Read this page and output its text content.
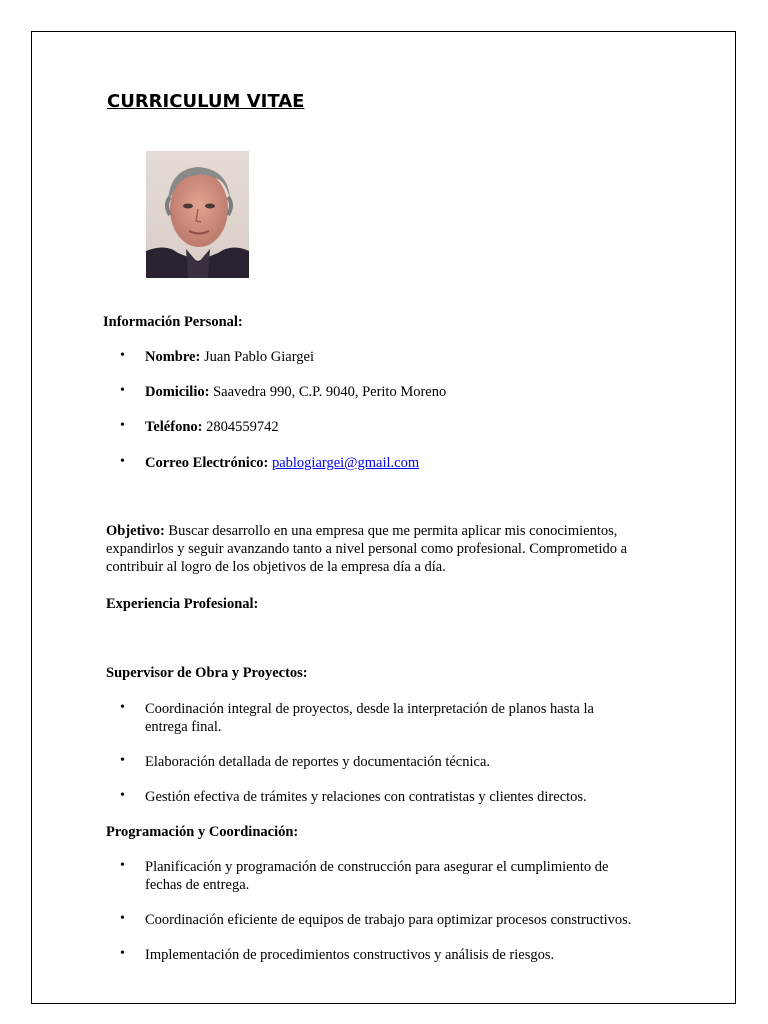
CURRICULUM VITAE
Información Personal:
• Nombre: Juan Pablo Giargei
• Domicilio: Saavedra 990, C.P. 9040, Perito Moreno
• Teléfono: 2804559742
• Correo Electrónico: pablogiargei@gmail.com
Objetivo: Buscar desarrollo en una empresa que me permita aplicar mis conocimientos,
expandirlos y seguir avanzando tanto a nivel personal como profesional. Comprometido a
contribuir al logro de los objetivos de la empresa día a día.
Experiencia Profesional:
Supervisor de Obra y Proyectos:
• Coordinación integral de proyectos, desde la interpretación de planos hasta la
entrega final.
• Elaboración detallada de reportes y documentación técnica.
• Gestión efectiva de trámites y relaciones con contratistas y clientes directos.
Programación y Coordinación:
• Planificación y programación de construcción para asegurar el cumplimiento de
fechas de entrega.
• Coordinación eficiente de equipos de trabajo para optimizar procesos constructivos.
• Implementación de procedimientos constructivos y análisis de riesgos.
